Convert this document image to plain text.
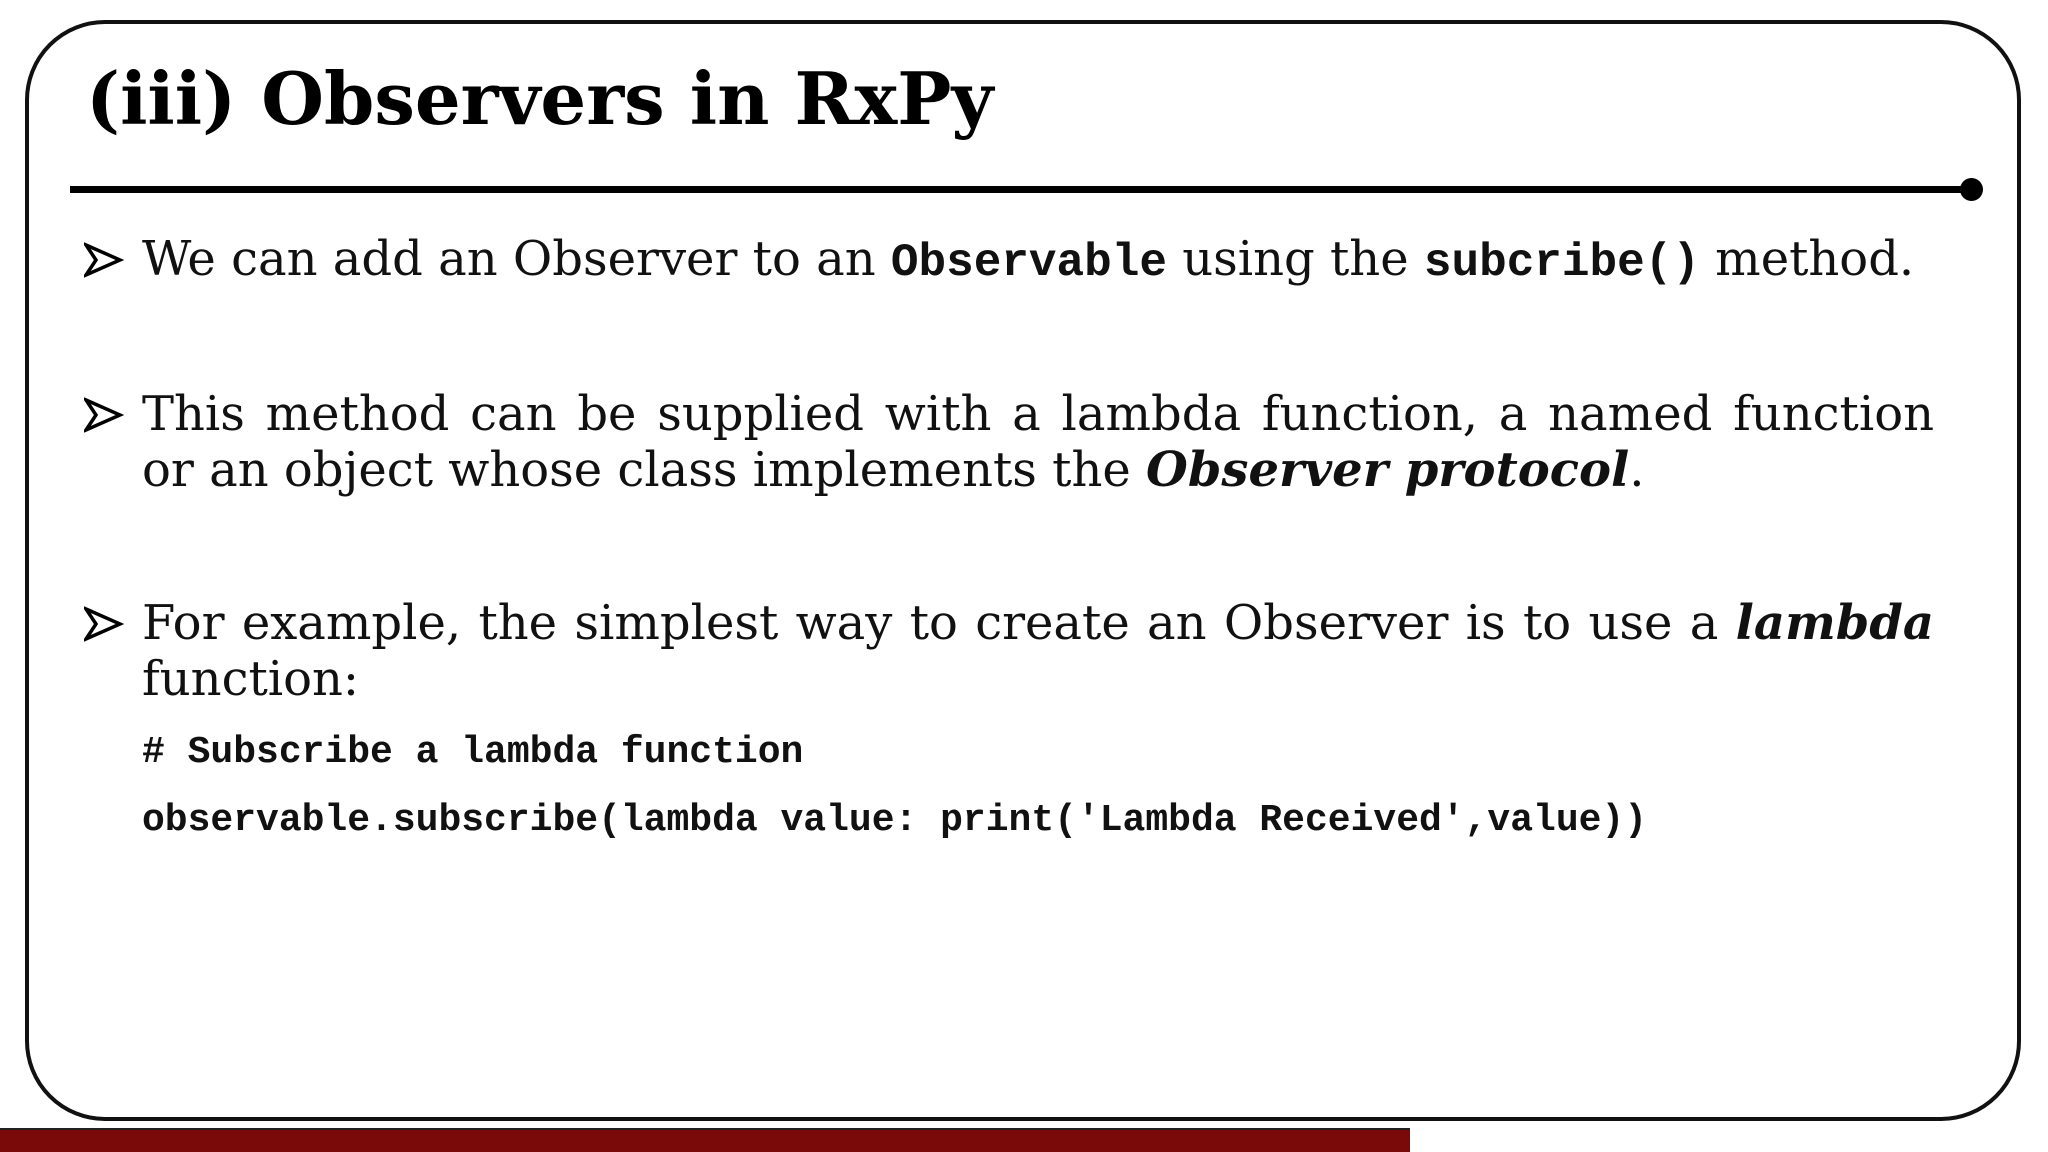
(iii) Observers in RxPy
We can add an Observer to an Observable using the subcribe() method.
This method can be supplied with a lambda function, a named function or an object whose class implements the Observer protocol.
For example, the simplest way to create an Observer is to use a lambda function:
# Subscribe a lambda function
observable.subscribe(lambda value: print('Lambda Received',value))
